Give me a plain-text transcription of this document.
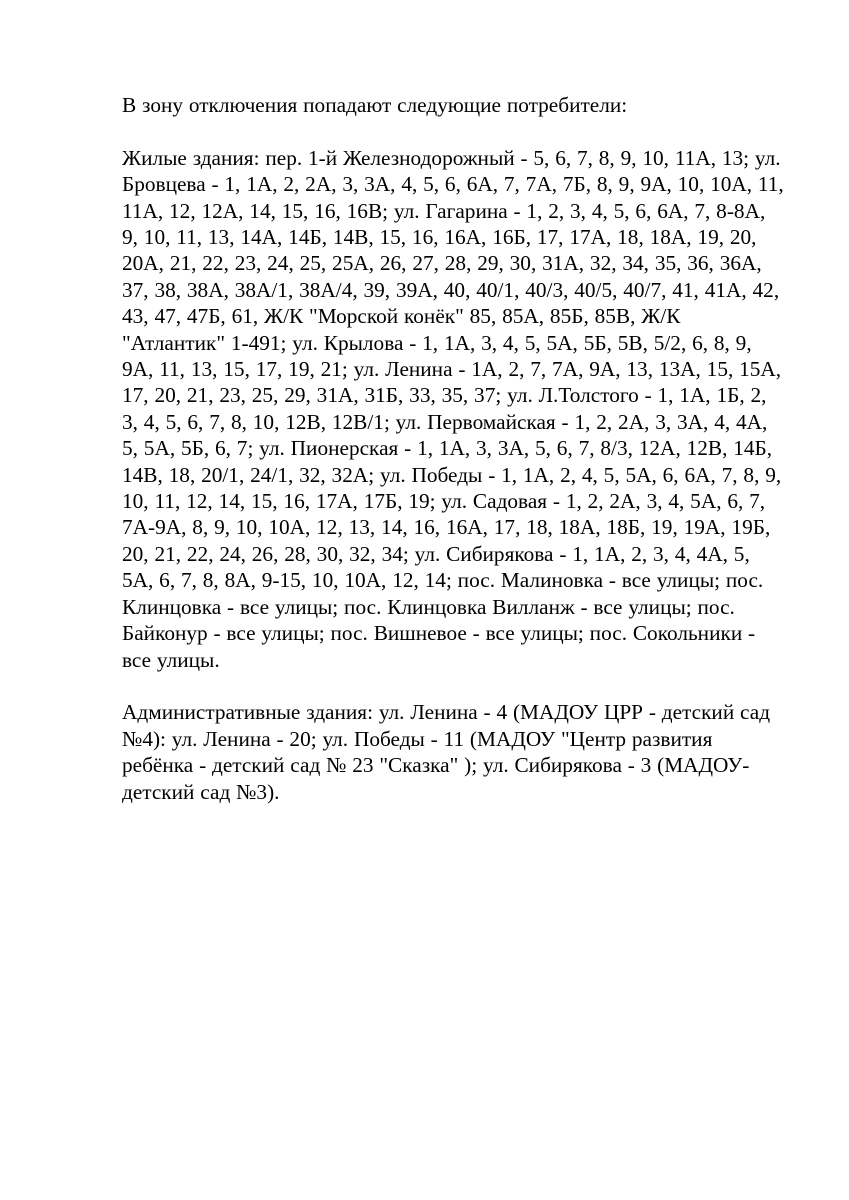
В зону отключения попадают следующие потребители:

Жилые здания: пер. 1-й Железнодорожный - 5, 6, 7, 8, 9, 10, 11А, 13; ул. Бровцева - 1, 1А, 2, 2А, 3, 3А, 4, 5, 6, 6А, 7, 7А, 7Б, 8, 9, 9А, 10, 10А, 11, 11А, 12, 12А, 14, 15, 16, 16В; ул. Гагарина - 1, 2, 3, 4, 5, 6, 6А, 7, 8-8А, 9, 10, 11, 13, 14А, 14Б, 14В, 15, 16, 16А, 16Б, 17, 17А, 18, 18А, 19, 20, 20А, 21, 22, 23, 24, 25, 25А, 26, 27, 28, 29, 30, 31А, 32, 34, 35, 36, 36А, 37, 38, 38А, 38А/1, 38А/4, 39, 39А, 40, 40/1, 40/3, 40/5, 40/7, 41, 41А, 42, 43, 47, 47Б, 61, Ж/К "Морской конёк" 85, 85А, 85Б, 85В, Ж/К "Атлантик" 1-491; ул. Крылова - 1, 1А, 3, 4, 5, 5А, 5Б, 5В, 5/2, 6, 8, 9, 9А, 11, 13, 15, 17, 19, 21; ул. Ленина - 1А, 2, 7, 7А, 9А, 13, 13А, 15, 15А, 17, 20, 21, 23, 25, 29, 31А, 31Б, 33, 35, 37; ул. Л.Толстого - 1, 1А, 1Б, 2, 3, 4, 5, 6, 7, 8, 10, 12В, 12В/1; ул. Первомайская - 1, 2, 2А, 3, 3А, 4, 4А, 5, 5А, 5Б, 6, 7; ул. Пионерская - 1, 1А, 3, 3А, 5, 6, 7, 8/3, 12А, 12В, 14Б, 14В, 18, 20/1, 24/1, 32, 32А; ул. Победы - 1, 1А, 2, 4, 5, 5А, 6, 6А, 7, 8, 9, 10, 11, 12, 14, 15, 16, 17А, 17Б, 19; ул. Садовая - 1, 2, 2А, 3, 4, 5А, 6, 7, 7А-9А, 8, 9, 10, 10А, 12, 13, 14, 16, 16А, 17, 18, 18А, 18Б, 19, 19А, 19Б, 20, 21, 22, 24, 26, 28, 30, 32, 34; ул. Сибирякова - 1, 1А, 2, 3, 4, 4А, 5, 5А, 6, 7, 8, 8А, 9-15, 10, 10А, 12, 14; пос. Малиновка - все улицы; пос. Клинцовка - все улицы; пос. Клинцовка Вилланж - все улицы; пос. Байконур - все улицы; пос. Вишневое - все улицы; пос. Сокольники - все улицы.

Административные здания: ул. Ленина - 4 (МАДОУ ЦРР - детский сад №4): ул. Ленина - 20; ул. Победы - 11 (МАДОУ "Центр развития ребёнка - детский сад № 23 "Сказка" ); ул. Сибирякова - 3 (МАДОУ-детский сад №3).
